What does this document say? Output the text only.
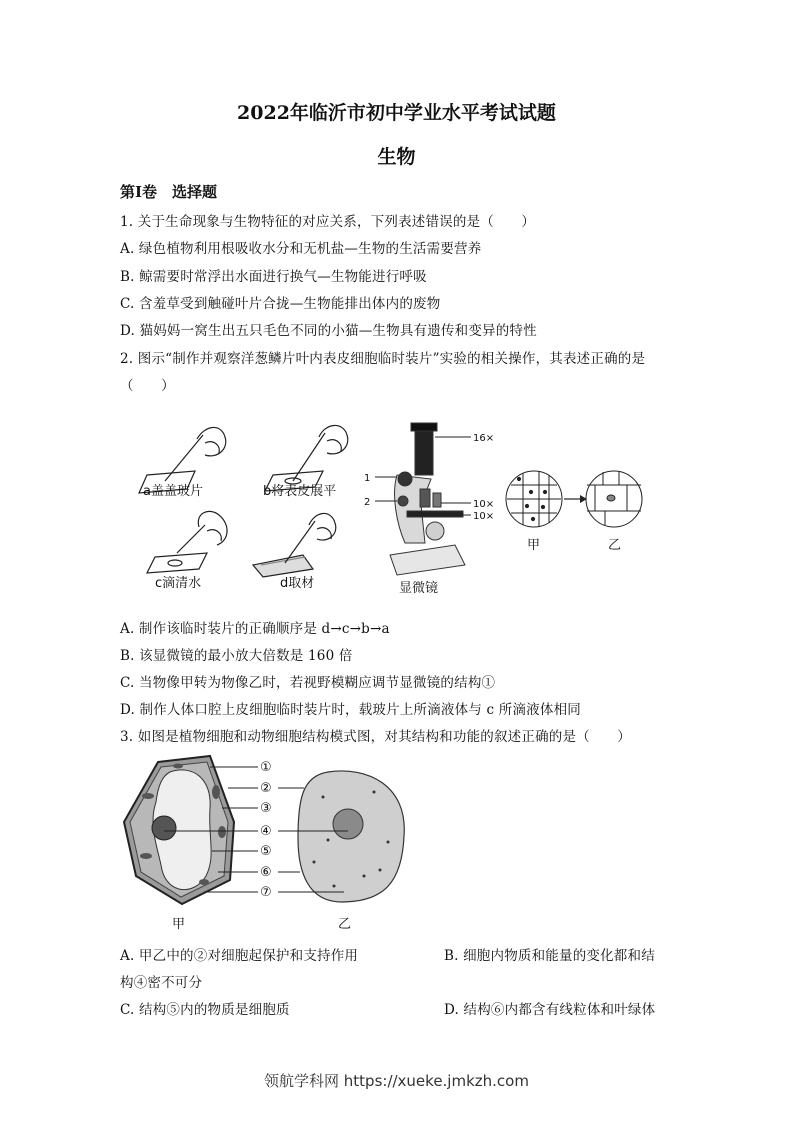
2022年临沂市初中学业水平考试试题
生物
第I卷　选择题
1. 关于生命现象与生物特征的对应关系，下列表述错误的是（　　）
A. 绿色植物利用根吸收水分和无机盐—生物的生活需要营养
B. 鲸需要时常浮出水面进行换气—生物能进行呼吸
C. 含羞草受到触碰叶片合拢—生物能排出体内的废物
D. 猫妈妈一窝生出五只毛色不同的小猫—生物具有遗传和变异的特性
2. 图示“制作并观察洋葱鳞片叶内表皮细胞临时装片”实验的相关操作，其表述正确的是
（　　）
a盖盖玻片	b将表皮展平
c滴清水	d取材
16×
1
2	10×
10×
显微镜
甲	乙
A. 制作该临时装片的正确顺序是 d→c→b→a
B. 该显微镜的最小放大倍数是 160 倍
C. 当物像甲转为物像乙时，若视野模糊应调节显微镜的结构①
D. 制作人体口腔上皮细胞临时装片时，载玻片上所滴液体与 c 所滴液体相同
3. 如图是植物细胞和动物细胞结构模式图，对其结构和功能的叙述正确的是（　　）
①
②
③
④
⑤
⑥
⑦
甲	乙
A. 甲乙中的②对细胞起保护和支持作用	B. 细胞内物质和能量的变化都和结
构④密不可分
C. 结构⑤内的物质是细胞质	D. 结构⑥内都含有线粒体和叶绿体
领航学科网 https://xueke.jmkzh.com
